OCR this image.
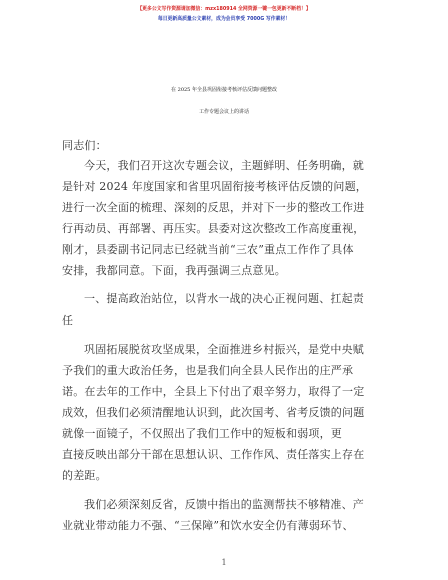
【更多公文写作资源请加微信：mzx180914 全网资源一键一包更新不断档！】
每日更新高质量公文素材，成为会员享受 7000G 写作素材！
在 2025 年全县巩固衔接考核评估反馈问题整改
工作专题会议上的讲话
同志们：
今天，我们召开这次专题会议，主题鲜明、任务明确，就
是针对 2024 年度国家和省里巩固衔接考核评估反馈的问题，
进行一次全面的梳理、深刻的反思，并对下一步的整改工作进
行再动员、再部署、再压实。县委对这次整改工作高度重视，
刚才，县委副书记同志已经就当前“三农”重点工作作了具体
安排，我都同意。下面，我再强调三点意见。
一、提高政治站位，以背水一战的决心正视问题、扛起责
任
巩固拓展脱贫攻坚成果，全面推进乡村振兴，是党中央赋
予我们的重大政治任务，也是我们向全县人民作出的庄严承
诺。在去年的工作中，全县上下付出了艰辛努力，取得了一定
成效，但我们必须清醒地认识到，此次国考、省考反馈的问题
就像一面镜子，不仅照出了我们工作中的短板和弱项，更
直接反映出部分干部在思想认识、工作作风、责任落实上存在
的差距。
我们必须深刻反省，反馈中指出的监测帮扶不够精准、产
业就业带动能力不强、“三保障”和饮水安全仍有薄弱环节、
1
